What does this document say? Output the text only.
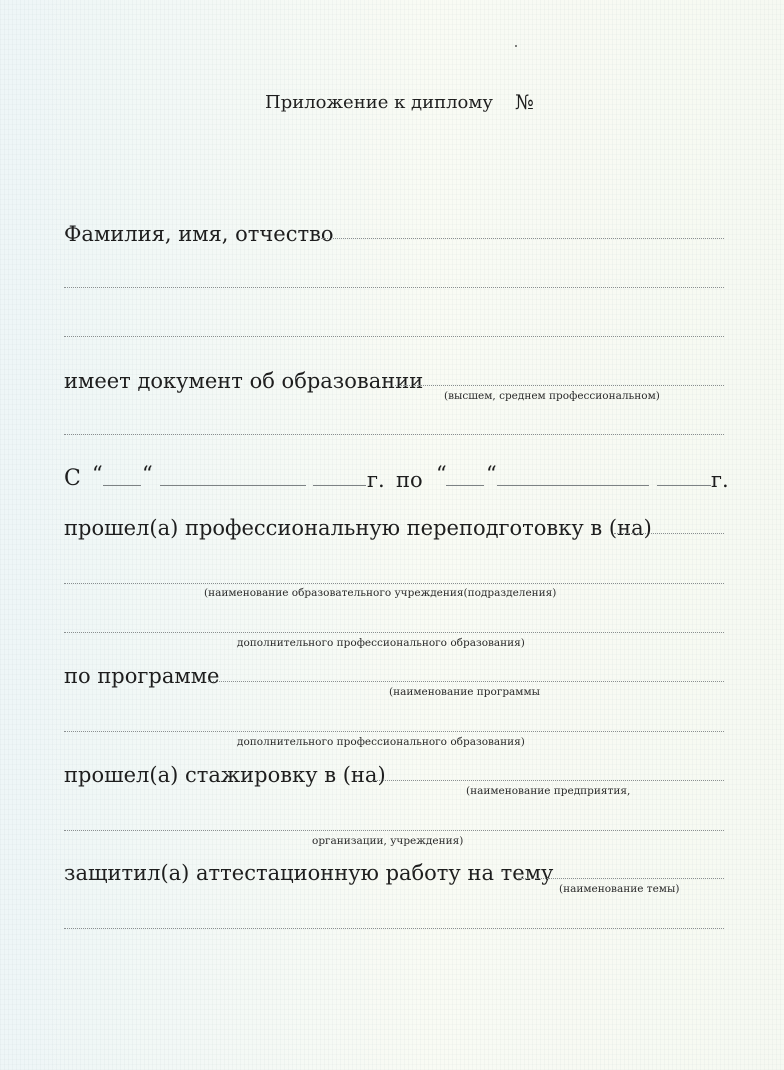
Приложение к диплому №
Фамилия, имя, отчество
имеет документ об образовании
(высшем, среднем профессиональном)
С “ “	г. по “ “	г.
прошел(а) профессиональную переподготовку в (на)
(наименование образовательного учреждения(подразделения)
дополнительного профессионального образования)
по программе
(наименование программы
дополнительного профессионального образования)
прошел(а) стажировку в (на)
(наименование предприятия,
организации, учреждения)
защитил(а) аттестационную работу на тему
(наименование темы)
